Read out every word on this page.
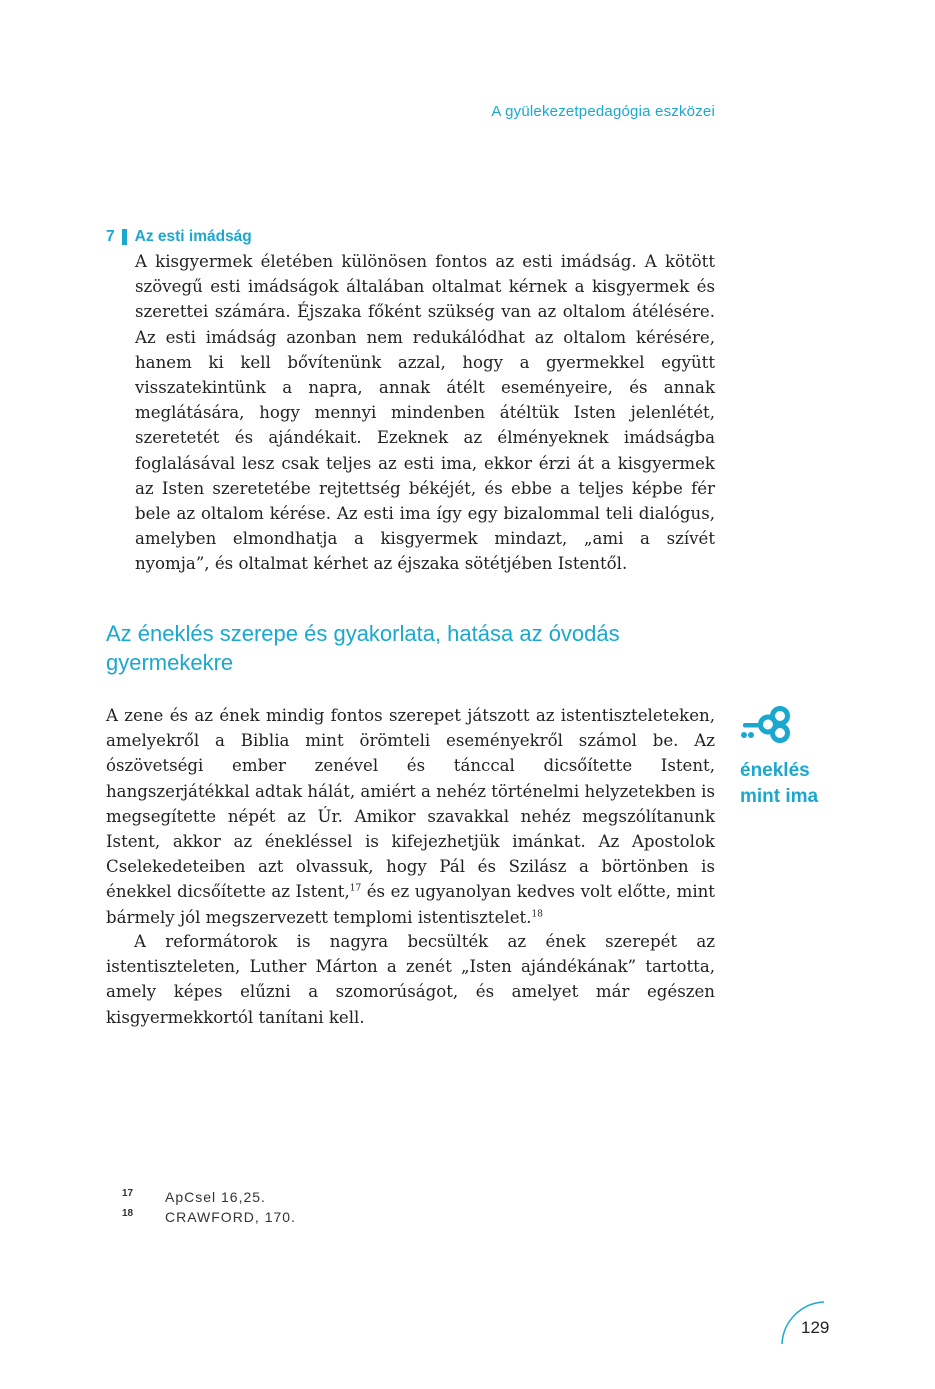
A gyülekezetpedagógia eszközei
7 Az esti imádság
A kisgyermek életében különösen fontos az esti imádság. A kötött szövegű esti imádságok általában oltalmat kérnek a kisgyermek és szerettei számára. Éjszaka főként szükség van az oltalom átélésére. Az esti imádság azonban nem redukálódhat az oltalom kérésére, hanem ki kell bővítenünk azzal, hogy a gyermekkel együtt visszatekintünk a napra, annak átélt eseményeire, és annak meglátására, hogy mennyi mindenben átéltük Isten jelenlétét, szeretetét és ajándékait. Ezeknek az élményeknek imádságba foglalásával lesz csak teljes az esti ima, ekkor érzi át a kisgyermek az Isten szeretetébe rejtettség békéjét, és ebbe a teljes képbe fér bele az oltalom kérése. Az esti ima így egy bizalommal teli dialógus, amelyben elmondhatja a kisgyermek mindazt, „ami a szívét nyomja”, és oltalmat kérhet az éjszaka sötétjében Istentől.
Az éneklés szerepe és gyakorlata, hatása az óvodás gyermekekre
A zene és az ének mindig fontos szerepet játszott az istentiszteleteken, amelyekről a Biblia mint örömteli eseményekről számol be. Az ószövetségi ember zenével és tánccal dicsőítette Istent, hangszerjátékkal adtak hálát, amiért a nehéz történelmi helyzetekben is megsegítette népét az Úr. Amikor szavakkal nehéz megszólítanunk Istent, akkor az énekléssel is kifejezhetjük imánkat. Az Apostolok Cselekedeteiben azt olvassuk, hogy Pál és Szilász a börtönben is énekkel dicsőítette az Istent,$^{17}$ és ez ugyanolyan kedves volt előtte, mint bármely jól megszervezett templomi istentisztelet.$^{18}$
A reformátorok is nagyra becsülték az ének szerepét az istentiszteleten, Luther Márton a zenét „Isten ajándékának” tartotta, amely képes elűzni a szomorúságot, és amelyet már egészen kisgyermekkortól tanítani kell.
éneklés
mint ima
17	ApCsel 16,25.
18	CRAWFORD, 170.
129
